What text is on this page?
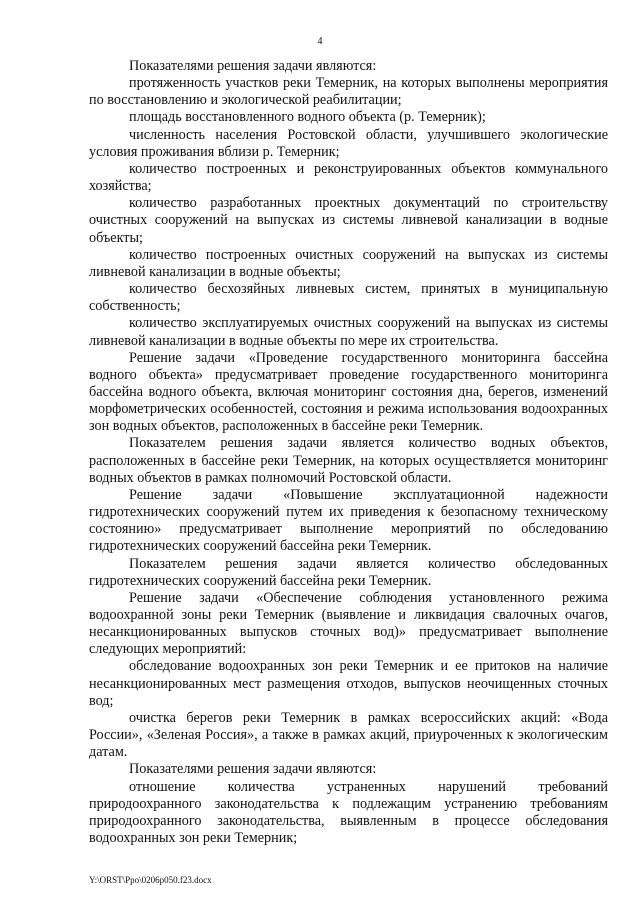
4

Показателями решения задачи являются:

протяженность участков реки Темерник, на которых выполнены мероприятия по восстановлению и экологической реабилитации;

площадь восстановленного водного объекта (р. Темерник);

численность населения Ростовской области, улучшившего экологические условия проживания вблизи р. Темерник;

количество построенных и реконструированных объектов коммунального хозяйства;

количество разработанных проектных документаций по строительству очистных сооружений на выпусках из системы ливневой канализации в водные объекты;

количество построенных очистных сооружений на выпусках из системы ливневой канализации в водные объекты;

количество бесхозяйных ливневых систем, принятых в муниципальную собственность;

количество эксплуатируемых очистных сооружений на выпусках из системы ливневой канализации в водные объекты по мере их строительства.

Решение задачи «Проведение государственного мониторинга бассейна водного объекта» предусматривает проведение государственного мониторинга бассейна водного объекта, включая мониторинг состояния дна, берегов, изменений морфометрических особенностей, состояния и режима использования водоохранных зон водных объектов, расположенных в бассейне реки Темерник.

Показателем решения задачи является количество водных объектов, расположенных в бассейне реки Темерник, на которых осуществляется мониторинг водных объектов в рамках полномочий Ростовской области.

Решение задачи «Повышение эксплуатационной надежности гидротехнических сооружений путем их приведения к безопасному техническому состоянию» предусматривает выполнение мероприятий по обследованию гидротехнических сооружений бассейна реки Темерник.

Показателем решения задачи является количество обследованных гидротехнических сооружений бассейна реки Темерник.

Решение задачи «Обеспечение соблюдения установленного режима водоохранной зоны реки Темерник (выявление и ликвидация свалочных очагов, несанкционированных выпусков сточных вод)» предусматривает выполнение следующих мероприятий:

обследование водоохранных зон реки Темерник и ее притоков на наличие несанкционированных мест размещения отходов, выпусков неочищенных сточных вод;

очистка берегов реки Темерник в рамках всероссийских акций: «Вода России», «Зеленая Россия», а также в рамках акций, приуроченных к экологическим датам.

Показателями решения задачи являются:

отношение количества устраненных нарушений требований природоохранного законодательства к подлежащим устранению требованиям природоохранного законодательства, выявленным в процессе обследования водоохранных зон реки Темерник;

Y:\ORST\Ppo\0206p050.f23.docx
